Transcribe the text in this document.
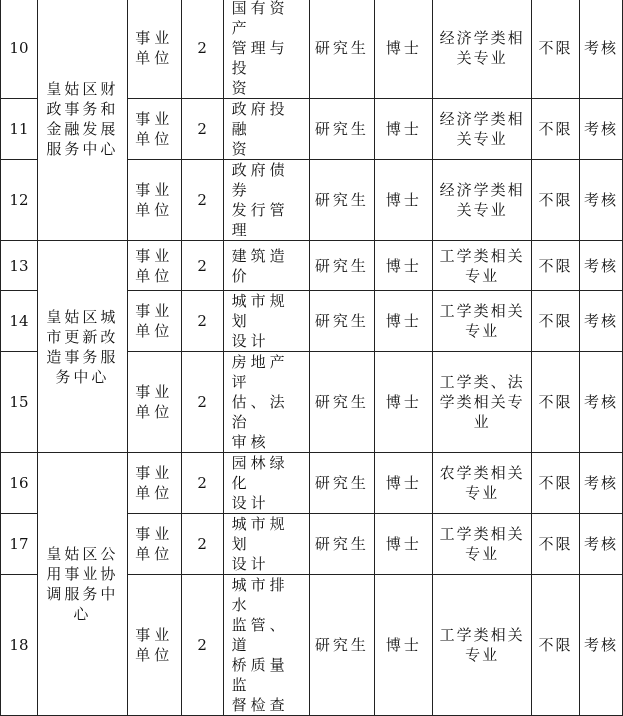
10	皇姑区财
政事务和
金融发展
服务中心	事业
单位	2	国有资产
管理与投
资	研究生	博士	经济学类相
关专业	不限	考核
11		事业
单位	2	政府投融
资	研究生	博士	经济学类相
关专业	不限	考核
12		事业
单位	2	政府债券
发行管理	研究生	博士	经济学类相
关专业	不限	考核
13	皇姑区城
市更新改
造事务服
务中心	事业
单位	2	建筑造价	研究生	博士	工学类相关
专业	不限	考核
14		事业
单位	2	城市规划
设计	研究生	博士	工学类相关
专业	不限	考核
15		事业
单位	2	房地产评
估、法治
审核	研究生	博士	工学类、法
学类相关专
业	不限	考核
16	皇姑区公
用事业协
调服务中
心	事业
单位	2	园林绿化
设计	研究生	博士	农学类相关
专业	不限	考核
17		事业
单位	2	城市规划
设计	研究生	博士	工学类相关
专业	不限	考核
18		事业
单位	2	城市排水
监管、道
桥质量监
督检查	研究生	博士	工学类相关
专业	不限	考核
